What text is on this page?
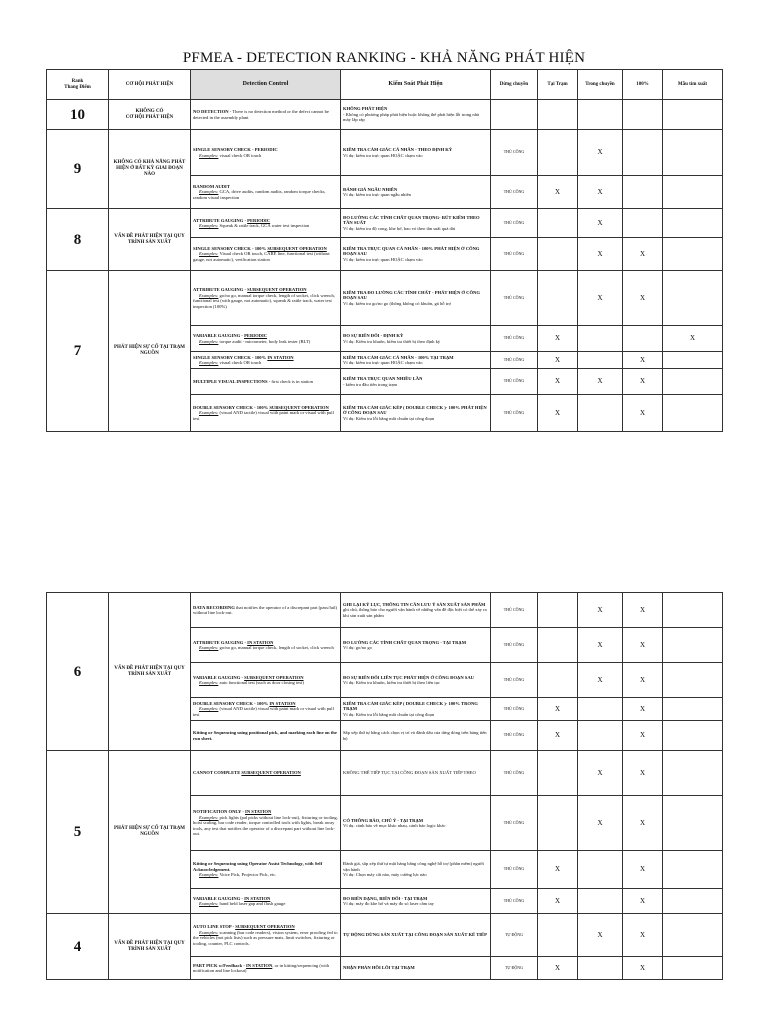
PFMEA - DETECTION RANKING - KHẢ NĂNG PHÁT HIỆN
Rank
Thang Điểm	CƠ HỘI PHÁT HIỆN	Detection Control	Kiểm Soát Phát Hiện	Dừng chuyền	Tại Trạm	Trong chuyền	100%	Mẫu tìm xuất
10	KHÔNG CÓ
CƠ HỘI PHÁT HIỆN	NO DETECTION - There is no detection method or the defect cannot be detected in the assembly plant	KHÔNG PHÁT HIỆN
- Không có phương pháp phát hiện hoặc không thể phát hiện lỗi trong nhà máy lắp ráp					
9	KHÔNG CÓ KHẢ NĂNG PHÁT HIỆN Ở BẤT KỲ GIAI ĐOẠN NÀO	SINGLE SENSORY CHECK - PERIODIC
Examples: visual check OR touch	KIỂM TRA CẢM GIÁC CÁ NHÂN - THEO ĐỊNH KỲ
Ví dụ: kiểm tra trực quan HOẶC chạm vào	THỦ CÔNG		X		
		RANDOM AUDIT
Examples: GCA, drive audits, random audits, random torque checks, random visual inspection	ĐÁNH GIÁ NGẪU NHIÊN
Ví dụ: kiểm tra trực quan ngẫu nhiên	THỦ CÔNG	X	X		
8	VẤN ĐỀ PHÁT HIỆN TẠI QUY TRÌNH SẢN XUẤT	ATTRIBUTE GAUGING - PERIODIC
Examples: Squeak & rattle track, GCA water test inspection	ĐO LƯỜNG CÁC TÍNH CHẤT QUAN TRỌNG- RÚT KIỂM THEO TẦN SUẤT
Ví dụ: kiểm tra độ cong, khe hở, bao vỏ theo tần suất quá dài	THỦ CÔNG		X		
		SINGLE SENSORY CHECK - 100% SUBSEQUENT OPERATION
Examples: Visual check OR touch, CARE line, functional test (without gauge, not automatic), verification station	KIỂM TRA TRỰC QUAN CÁ NHÂN - 100% PHÁT HIỆN Ở CÔNG ĐOẠN SAU
Ví dụ: kiểm tra trực quan HOẶC chạm vào	THỦ CÔNG		X	X	
7	PHÁT HIỆN SỰ CỐ TẠI TRẠM NGUỒN	ATTRIBUTE GAUGING - SUBSEQUENT OPERATION
Examples: go/no go, manual torque check, length of socket, click wrench, functional test (with gauge, not automatic), squeak & rattle track, water test inspection (100%)	KIỂM TRA ĐO LƯỜNG CÁC TÍNH CHẤT - PHÁT HIỆN Ở CÔNG ĐOẠN SAU
Ví dụ: kiểm tra go/no go (thông không có khuôn, gá hỗ trợ	THỦ CÔNG		X	X	
		VARIABLE GAUGING - PERIODIC
Examples: torque audit - micrometer, body leak tester (BLT)	ĐO SỰ BIẾN ĐỔI - ĐỊNH KỲ
Ví dụ: Kiểm tra khuôn, kiểm tra thiết bị theo định kỳ	THỦ CÔNG	X			X
		SINGLE SENSORY CHECK - 100% IN STATION
Examples: visual check OR touch	KIỂM TRA CẢM GIÁC CÁ NHÂN - 100% TẠI TRẠM
Ví dụ: kiểm tra trực quan HOẶC chạm vào	THỦ CÔNG	X		X	
		MULTIPLE VISUAL INSPECTIONS - first check is in station	KIỂM TRA TRỰC QUAN NHIỀU LẦN
- kiểm tra đầu tiên trong trạm	THỦ CÔNG	X	X	X	
		DOUBLE SENSORY CHECK - 100% SUBSEQUENT OPERATION
Examples: (visual AND tactile) visual with paint mark or visual with pull test	KIỂM TRA CẢM GIÁC KÉP ( DOUBLE CHECK )- 100% PHÁT HIỆN Ở CÔNG ĐOẠN SAU
Ví dụ: Kiểm tra lỗi bằng mắt chuẩn tại công đoạn	THỦ CÔNG	X		X	
6	VẤN ĐỀ PHÁT HIỆN TẠI QUY TRÌNH SẢN XUẤT	DATA RECORDING that notifies the operator of a discrepant part (pass/fail) without line lock-out.	GHI LẠI KÝ LỤC, THÔNG TIN CẦN LƯU Ý SẢN XUẤT SẢN PHẨM
ghi chú, thông báo cho người vận hành về những vấn đề đặc biệt có thể xảy ra khi sản xuất sản phẩm	THỦ CÔNG		X	X	
		ATTRIBUTE GAUGING - IN STATION
Examples: go/no go, manual torque check, length of socket, click wrench	ĐO LƯỜNG CÁC TÍNH CHẤT QUAN TRỌNG - TẠI TRẠM
Ví dụ: go/no go	THỦ CÔNG		X	X	
		VARIABLE GAUGING - SUBSEQUENT OPERATION
Examples: auto functional test (such as door closing test)	ĐO SỰ BIẾN ĐỔI LIÊN TỤC PHÁT HIỆN Ở CÔNG ĐOẠN SAU
Ví dụ: Kiểm tra khuôn, kiểm tra thiết bị theo liên tục	THỦ CÔNG		X	X	
		DOUBLE SENSORY CHECK - 100% IN STATION
Examples: (visual AND tactile) visual with paint mark or visual with pull test	KIỂM TRA CẢM GIÁC KÉP ( DOUBLE CHECK )- 100% TRONG TRẠM
Ví dụ: Kiểm tra lỗi bằng mắt chuẩn tại công đoạn	THỦ CÔNG	X		X	
		Kitting or Sequencing using positional pick, and marking each line on the run sheet.	Sắp xếp thứ tự bằng cách chọn vị trí và đánh dấu của từng dòng trên bảng tiến bộ	THỦ CÔNG	X		X	
5	PHÁT HIỆN SỰ CỐ TẠI TRẠM NGUỒN	CANNOT COMPLETE SUBSEQUENT OPERATION	KHÔNG THỂ TIẾP TỤC TẠI CÔNG ĐOẠN SẢN XUẤT TIẾP THEO	THỦ CÔNG		X	X	
		NOTIFICATION ONLY - IN STATION
Examples: pick lights (pal picks without line lock-out), fixturing or tooling, hoist scaling, bar code reader, torque controlled tools with lights, break away tools, any test that notifies the operator of a discrepant part without line lock-out.	CÓ THÔNG BÁO, CHÚ Ý - TẠI TRẠM
Ví dụ: cảnh báo về mục khác nhau, cảnh báo logic khác	THỦ CÔNG		X	X	
		Kitting or Sequencing using Operator Assist Technology, with Self Acknowledgement.
Examples: Voice Pick, Projector Pick, etc.	Đánh giá, sắp xếp thứ tự mặt hàng bằng công nghệ hỗ trợ (phần mềm) người vận hành
Ví dụ: Chọn máy cắt nào, máy cường lực nào	THỦ CÔNG	X		X	
		VARIABLE GAUGING - IN STATION
Examples: hand held laser gap and flush gauge	ĐO BIẾN DẠNG, BIẾN ĐỔI - TẠI TRẠM
Ví dụ: máy đo khe hở và máy đo só laser cầm tay	THỦ CÔNG	X		X	
4	VẤN ĐỀ PHÁT HIỆN TẠI QUY TRÌNH SẢN XUẤT	AUTO LINE STOP - SUBSEQUENT OPERATION
Examples: scanning (bar code readers), vision system, error proofing fed to the vehicles (not pick lists) such as pressure mats, limit switches, fixturing or tooling, counter, PLC controls.	TỰ ĐỘNG DỪNG SẢN XUẤT TẠI CÔNG ĐOẠN SẢN XUẤT KẾ TIẾP	TỰ ĐỘNG		X	X	
		PART PICK w/Feedback - IN STATION, or in kitting/sequencing (with notification and line lockout)	NHẬN PHẢN HỒI LỖI TẠI TRẠM	TỰ ĐỘNG	X		X	
